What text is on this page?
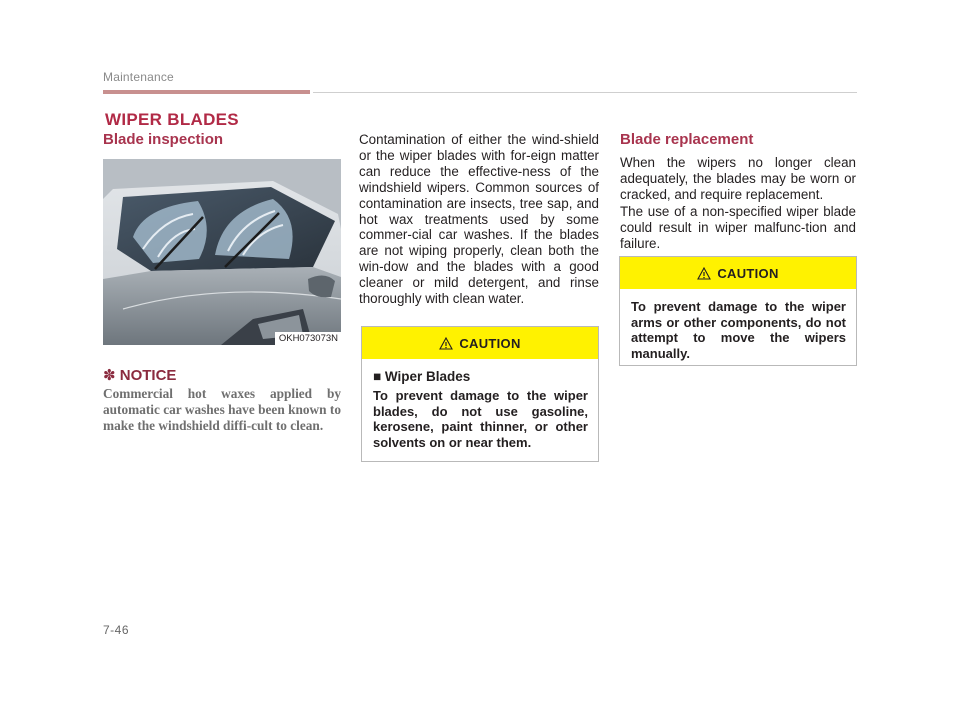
Maintenance
WIPER BLADES
Blade inspection
OKH073073N
✽ NOTICE
Commercial hot waxes applied by automatic car washes have been known to make the windshield diffi-cult to clean.
Contamination of either the wind-shield or the wiper blades with for-eign matter can reduce the effective-ness of the windshield wipers. Common sources of contamination are insects, tree sap, and hot wax treatments used by some commer-cial car washes. If the blades are not wiping properly, clean both the win-dow and the blades with a good cleaner or mild detergent, and rinse thoroughly with clean water.
CAUTION
■ Wiper Blades
To prevent damage to the wiper blades, do not use gasoline, kerosene, paint thinner, or other solvents on or near them.
Blade replacement
When the wipers no longer clean adequately, the blades may be worn or cracked, and require replacement.
The use of a non-specified wiper blade could result in wiper malfunc-tion and failure.
CAUTION
To prevent damage to the wiper arms or other components, do not attempt to move the wipers manually.
7-46
